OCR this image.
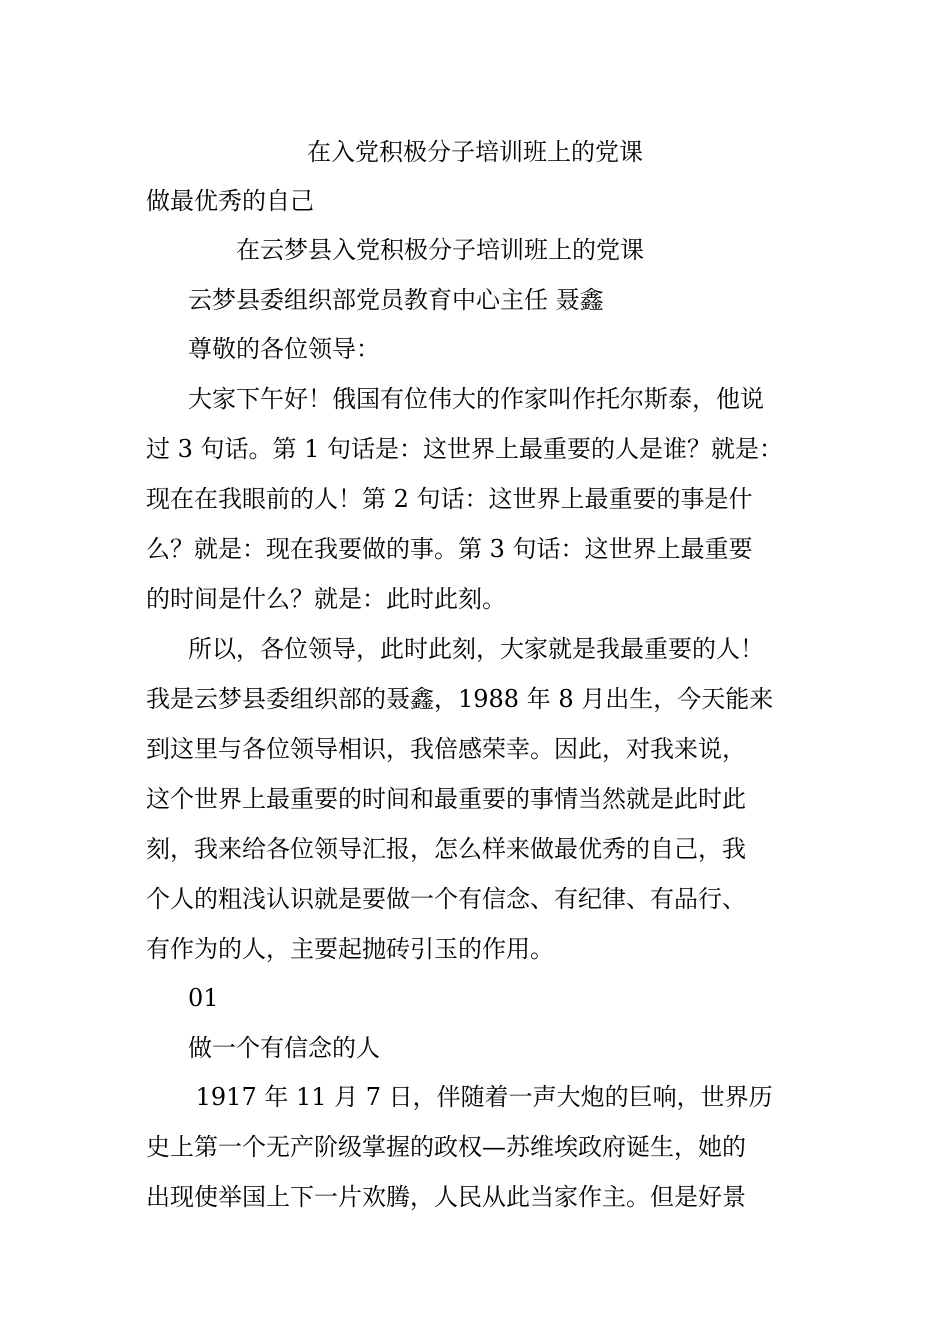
在入党积极分子培训班上的党课
做最优秀的自己
在云梦县入党积极分子培训班上的党课
云梦县委组织部党员教育中心主任 聂鑫
尊敬的各位领导：
大家下午好！俄国有位伟大的作家叫作托尔斯泰，他说
过 3 句话。第 1 句话是：这世界上最重要的人是谁？就是：
现在在我眼前的人！第 2 句话：这世界上最重要的事是什
么？就是：现在我要做的事。第 3 句话：这世界上最重要
的时间是什么？就是：此时此刻。
所以，各位领导，此时此刻，大家就是我最重要的人！
我是云梦县委组织部的聂鑫，1988 年 8 月出生，今天能来
到这里与各位领导相识，我倍感荣幸。因此，对我来说，
这个世界上最重要的时间和最重要的事情当然就是此时此
刻，我来给各位领导汇报，怎么样来做最优秀的自己，我
个人的粗浅认识就是要做一个有信念、有纪律、有品行、
有作为的人，主要起抛砖引玉的作用。
01
做一个有信念的人
1917 年 11 月 7 日，伴随着一声大炮的巨响，世界历
史上第一个无产阶级掌握的政权—苏维埃政府诞生，她的
出现使举国上下一片欢腾，人民从此当家作主。但是好景
